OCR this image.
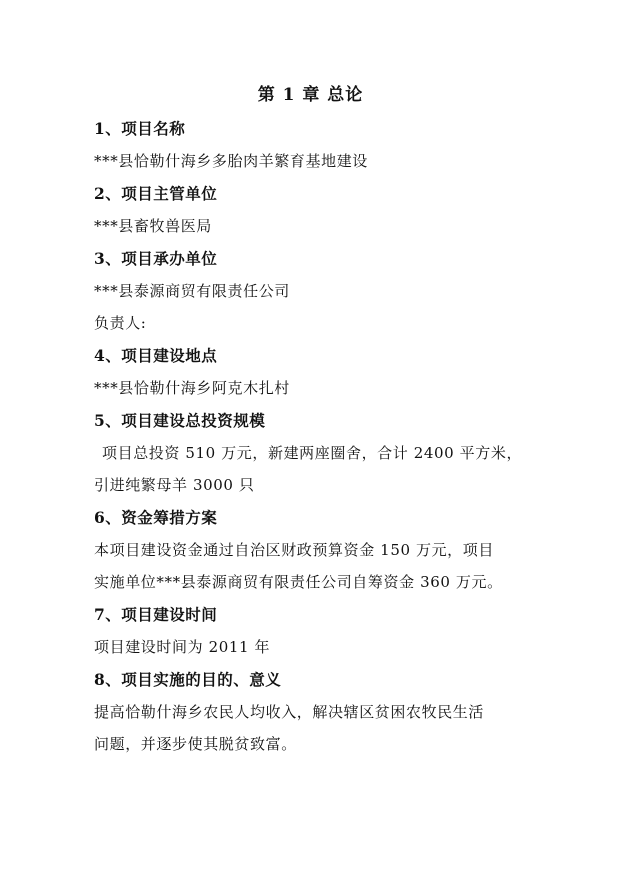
第 1 章 总论
1、项目名称
***县恰勒什海乡多胎肉羊繁育基地建设
2、项目主管单位
***县畜牧兽医局
3、项目承办单位
***县泰源商贸有限责任公司
负责人:
4、项目建设地点
***县恰勒什海乡阿克木扎村
5、项目建设总投资规模
项目总投资 510 万元，新建两座圈舍，合计 2400 平方米，
引进纯繁母羊 3000 只
6、资金筹措方案
本项目建设资金通过自治区财政预算资金 150 万元，项目
实施单位***县泰源商贸有限责任公司自筹资金 360 万元。
7、项目建设时间
项目建设时间为 2011 年
8、项目实施的目的、意义
提高恰勒什海乡农民人均收入，解决辖区贫困农牧民生活
问题，并逐步使其脱贫致富。
